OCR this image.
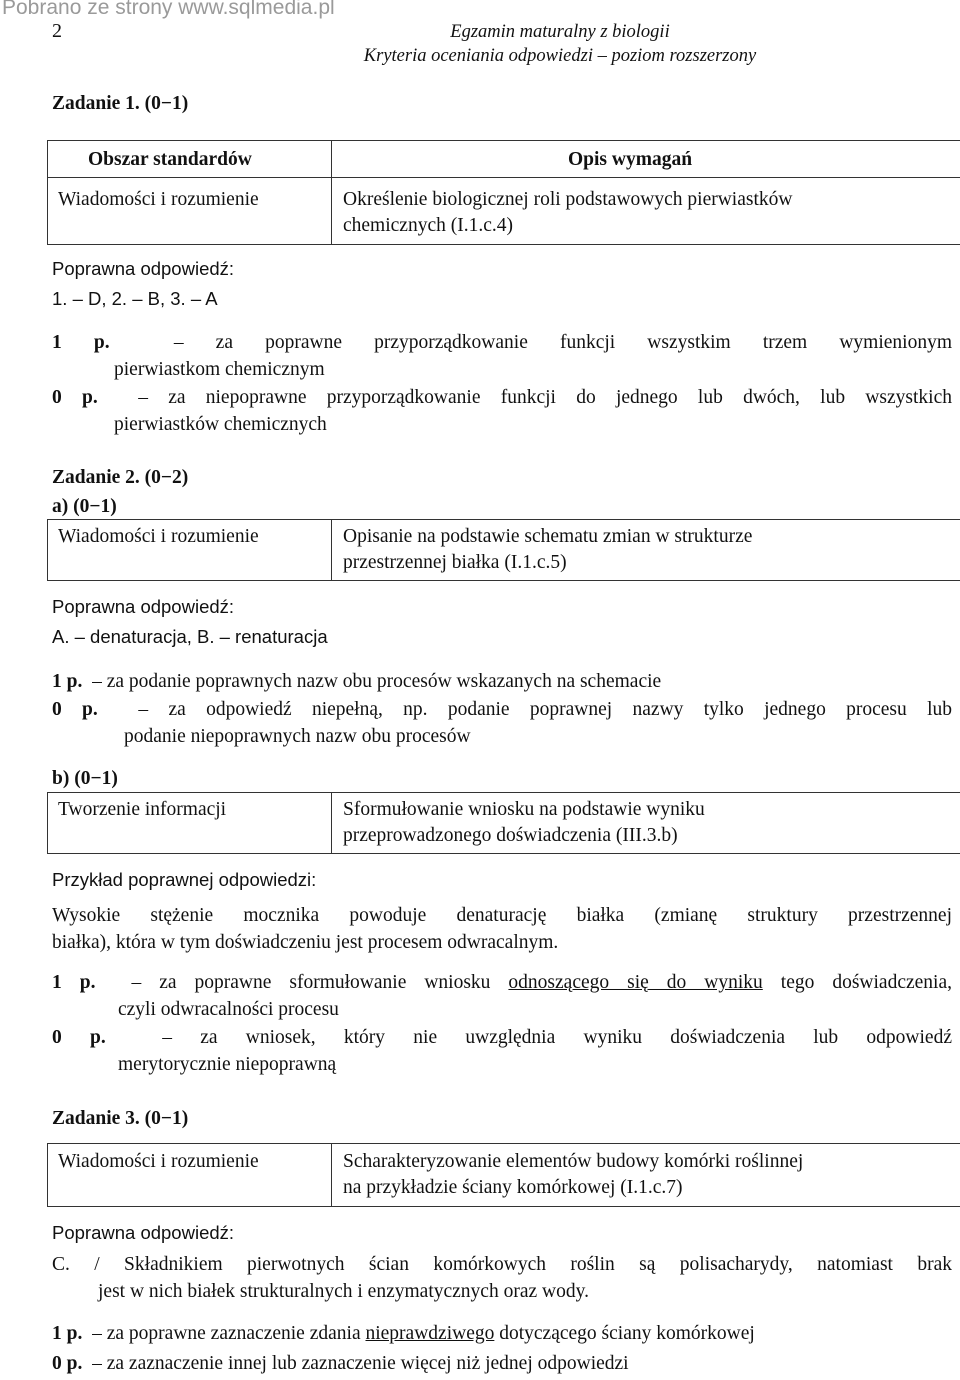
Pobrano ze strony www.sqlmedia.pl
2	Egzamin maturalny z biologii
Kryteria oceniania odpowiedzi – poziom rozszerzony
Zadanie 1. (0−1)
Obszar standardów	Opis wymagań
Wiadomości i rozumienie	Określenie biologicznej roli podstawowych pierwiastków
chemicznych (I.1.c.4)
Poprawna odpowiedź:
1. – D, 2. – B, 3. – A
1 p.	– za poprawne przyporządkowanie funkcji wszystkim trzem wymienionym
pierwiastkom chemicznym
0 p. – za niepoprawne przyporządkowanie funkcji do jednego lub dwóch, lub wszystkich
pierwiastków chemicznych
Zadanie 2. (0−2)
a) (0−1)
Wiadomości i rozumienie	Opisanie na podstawie schematu zmian w strukturze
przestrzennej białka (I.1.c.5)
Poprawna odpowiedź:
A. – denaturacja, B. – renaturacja
1 p. – za podanie poprawnych nazw obu procesów wskazanych na schemacie
0 p. – za odpowiedź niepełną, np. podanie poprawnej nazwy tylko jednego procesu lub
podanie niepoprawnych nazw obu procesów
b) (0−1)
Tworzenie informacji	Sformułowanie wniosku na podstawie wyniku
przeprowadzonego doświadczenia (III.3.b)
Przykład poprawnej odpowiedzi:
Wysokie stężenie mocznika powoduje denaturację białka (zmianę struktury przestrzennej
białka), która w tym doświadczeniu jest procesem odwracalnym.
1 p. – za poprawne sformułowanie wniosku odnoszącego się do wyniku tego doświadczenia,
czyli odwracalności procesu
0 p.	– za wniosek, który nie uwzględnia wyniku doświadczenia lub odpowiedź
merytorycznie niepoprawną
Zadanie 3. (0−1)
Wiadomości i rozumienie	Scharakteryzowanie elementów budowy komórki roślinnej
na przykładzie ściany komórkowej (I.1.c.7)
Poprawna odpowiedź:
C. / Składnikiem pierwotnych ścian komórkowych roślin są polisacharydy, natomiast brak
jest w nich białek strukturalnych i enzymatycznych oraz wody.
1 p. – za poprawne zaznaczenie zdania nieprawdziwego dotyczącego ściany komórkowej
0 p. – za zaznaczenie innej lub zaznaczenie więcej niż jednej odpowiedzi
